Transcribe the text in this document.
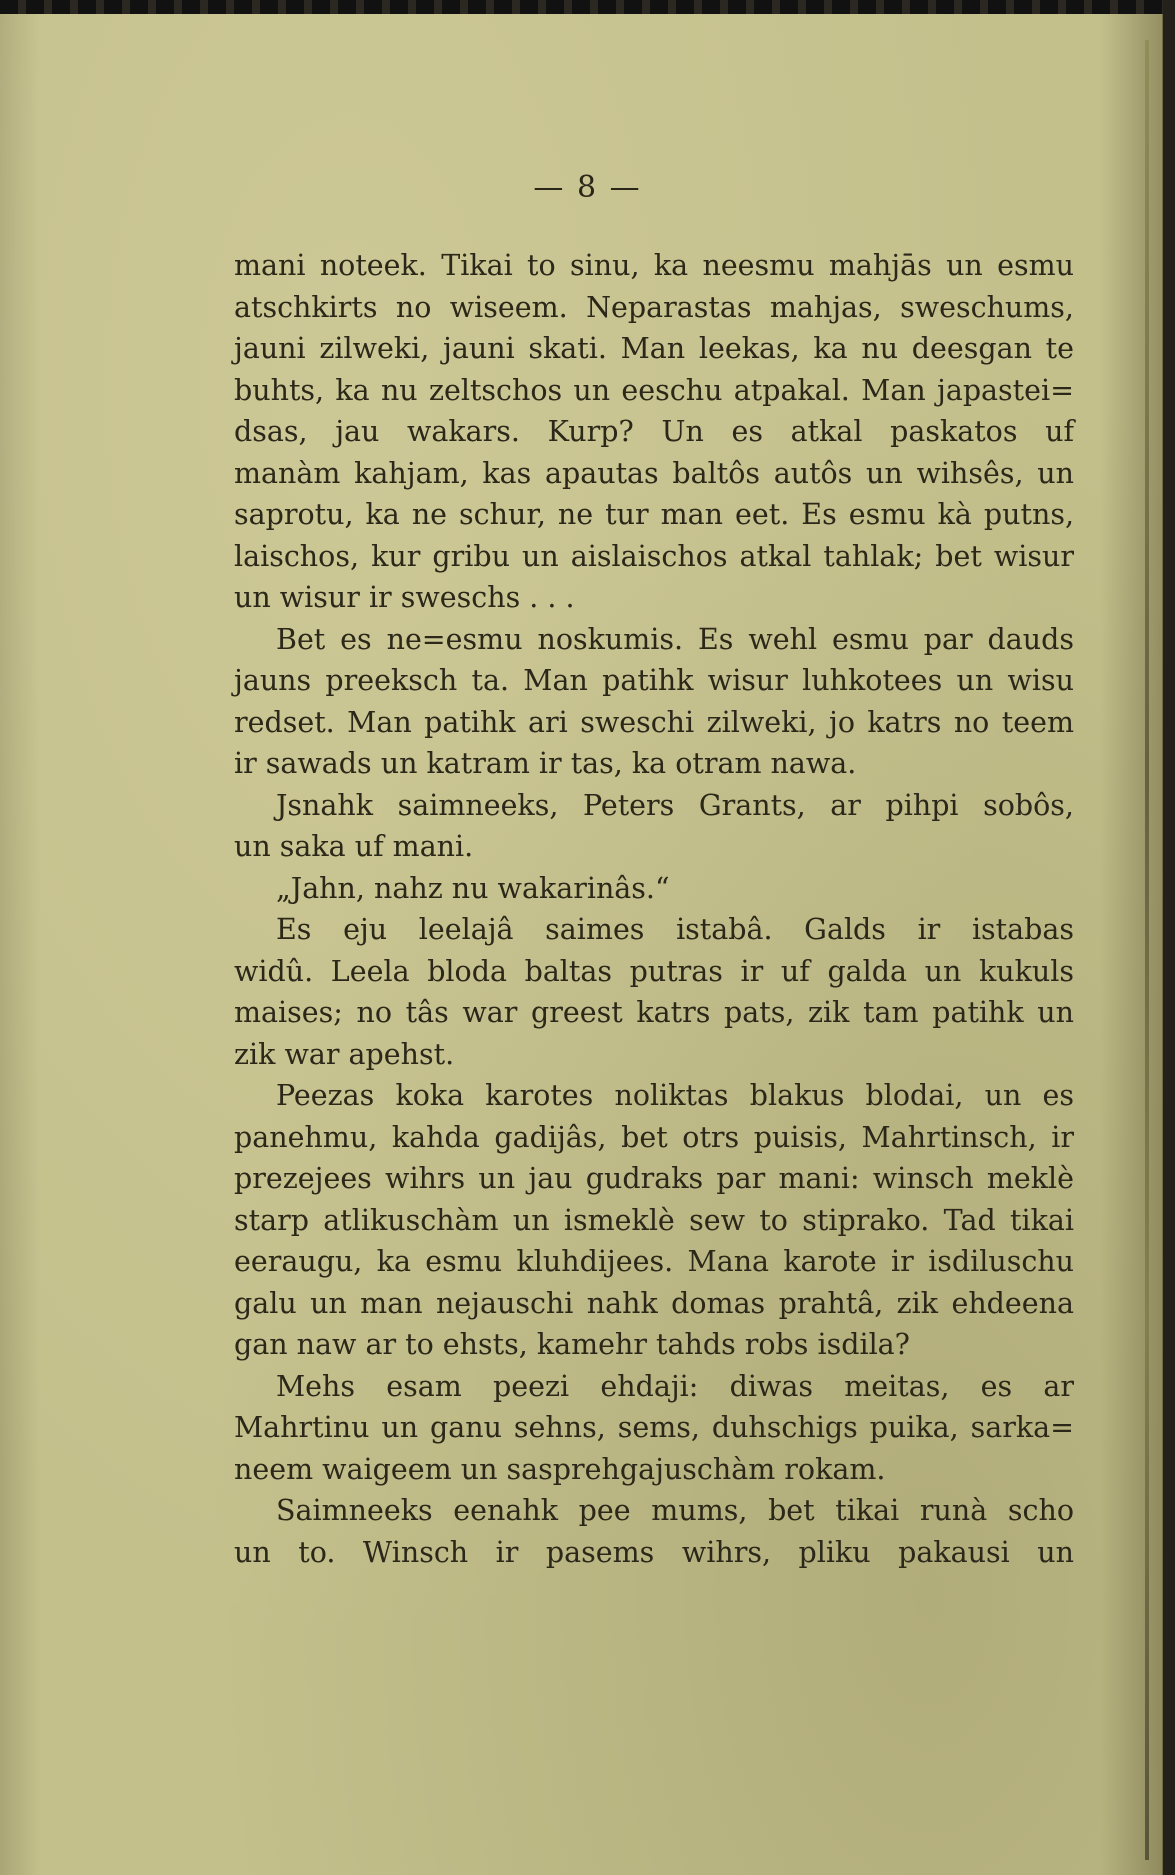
— 8 —
mani noteek. Tikai to sinu, ka neesmu mahjās un esmu
atschkirts no wiseem. Neparastas mahjas, sweschums,
jauni zilweki, jauni skati. Man leekas, ka nu deesgan te
buhts, ka nu zeltschos un eeschu atpakal. Man japastei=
dsas, jau wakars. Kurp? Un es atkal paskatos uf
manàm kahjam, kas apautas baltôs autôs un wihsês, un
saprotu, ka ne schur, ne tur man eet. Es esmu kà putns,
laischos, kur gribu un aislaischos atkal tahlak; bet wisur
un wisur ir sweschs . . .
Bet es ne=esmu noskumis. Es wehl esmu par dauds
jauns preeksch ta. Man patihk wisur luhkotees un wisu
redset. Man patihk ari sweschi zilweki, jo katrs no teem
ir sawads un katram ir tas, ka otram nawa.
Jsnahk saimneeks, Peters Grants, ar pihpi sobôs,
un saka uf mani.
„Jahn, nahz nu wakarinâs.“
Es eju leelajâ saimes istabâ. Galds ir istabas
widû. Leela bloda baltas putras ir uf galda un kukuls
maises; no tâs war greest katrs pats, zik tam patihk un
zik war apehst.
Peezas koka karotes noliktas blakus blodai, un es
panehmu, kahda gadijâs, bet otrs puisis, Mahrtinsch, ir
prezejees wihrs un jau gudraks par mani: winsch meklè
starp atlikuschàm un ismeklè sew to stiprako. Tad tikai
eeraugu, ka esmu kluhdijees. Mana karote ir isdiluschu
galu un man nejauschi nahk domas prahtâ, zik ehdeena
gan naw ar to ehsts, kamehr tahds robs isdila?
Mehs esam peezi ehdaji: diwas meitas, es ar
Mahrtinu un ganu sehns, sems, duhschigs puika, sarka=
neem waigeem un sasprehgajuschàm rokam.
Saimneeks eenahk pee mums, bet tikai runà scho
un to. Winsch ir pasems wihrs, pliku pakausi un
